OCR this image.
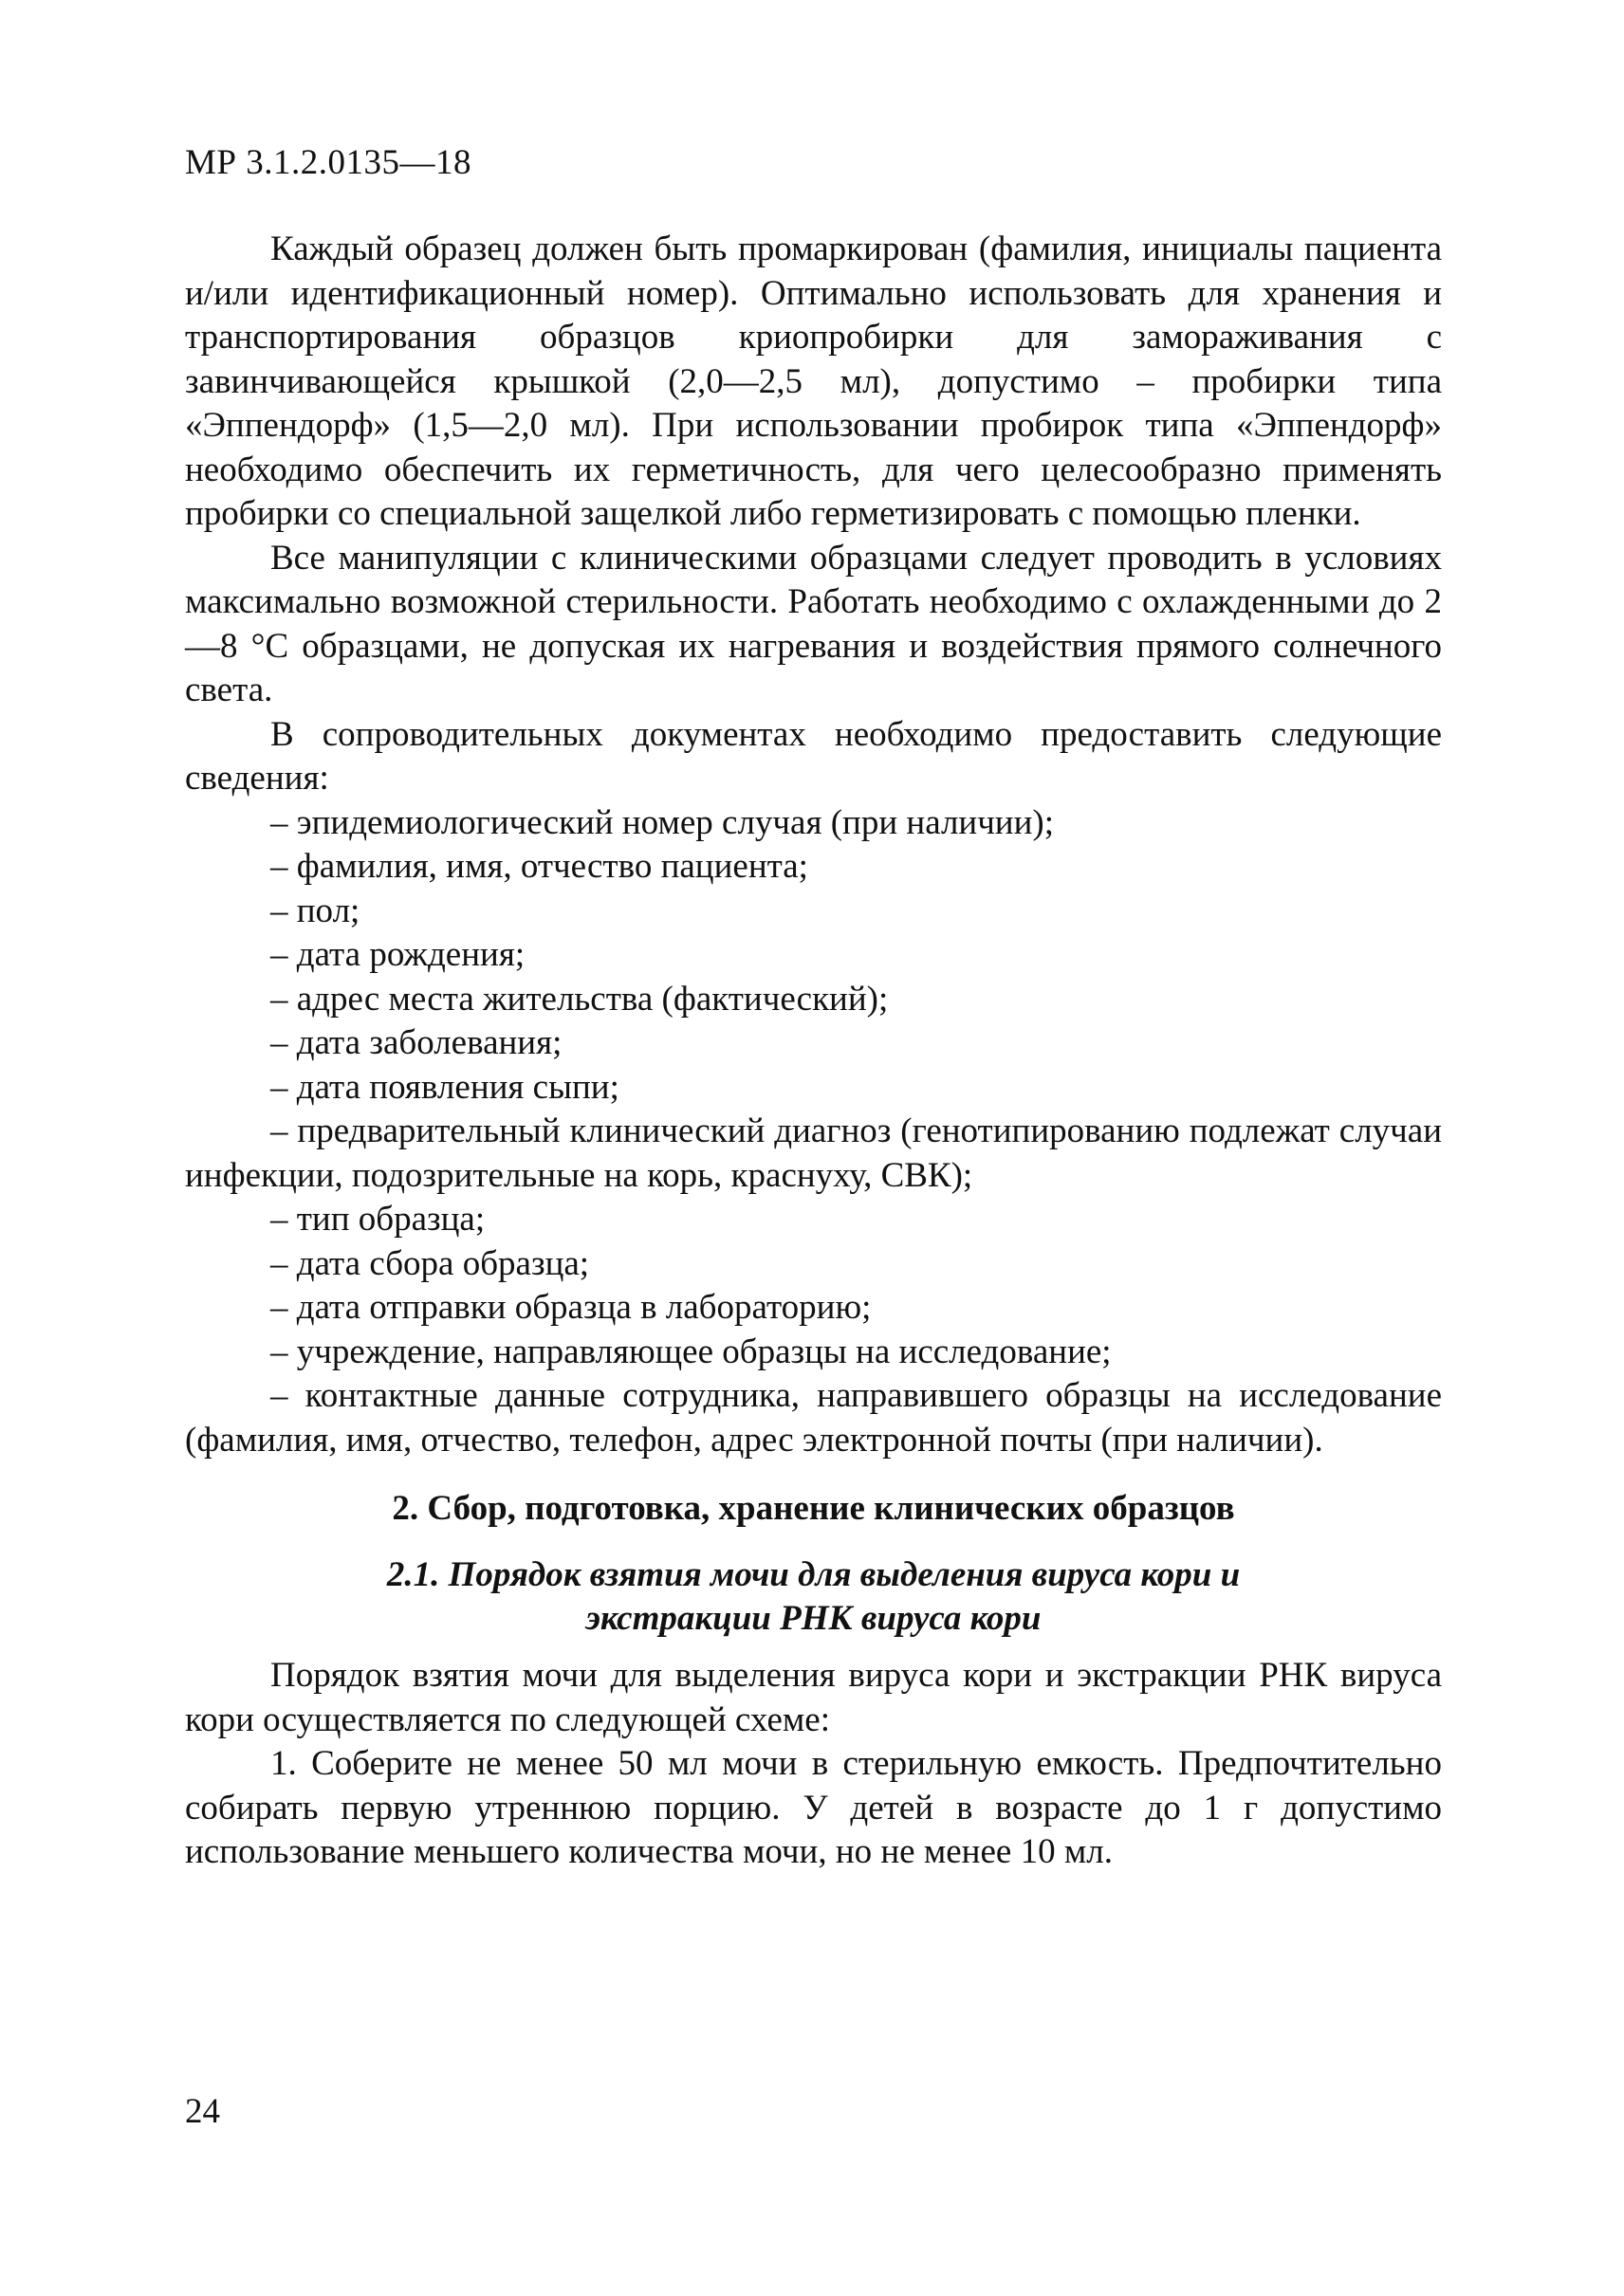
МР 3.1.2.0135—18

Каждый образец должен быть промаркирован (фамилия, инициалы пациента и/или идентификационный номер). Оптимально использовать для хранения и транспортирования образцов криопробирки для замораживания с завинчивающейся крышкой (2,0—2,5 мл), допустимо – пробирки типа «Эппендорф» (1,5—2,0 мл). При использовании пробирок типа «Эппендорф» необходимо обеспечить их герметичность, для чего целесообразно применять пробирки со специальной защелкой либо герметизировать с помощью пленки.

Все манипуляции с клиническими образцами следует проводить в условиях максимально возможной стерильности. Работать необходимо с охлажденными до 2—8 °С образцами, не допуская их нагревания и воздействия прямого солнечного света.

В сопроводительных документах необходимо предоставить следующие сведения:

– эпидемиологический номер случая (при наличии);

– фамилия, имя, отчество пациента;

– пол;

– дата рождения;

– адрес места жительства (фактический);

– дата заболевания;

– дата появления сыпи;

– предварительный клинический диагноз (генотипированию подлежат случаи инфекции, подозрительные на корь, краснуху, СВК);

– тип образца;

– дата сбора образца;

– дата отправки образца в лабораторию;

– учреждение, направляющее образцы на исследование;

– контактные данные сотрудника, направившего образцы на исследование (фамилия, имя, отчество, телефон, адрес электронной почты (при наличии).

2. Сбор, подготовка, хранение клинических образцов
2.1. Порядок взятия мочи для выделения вируса кори и
экстракции РНК вируса кори

Порядок взятия мочи для выделения вируса кори и экстракции РНК вируса кори осуществляется по следующей схеме:

1. Соберите не менее 50 мл мочи в стерильную емкость. Предпочтительно собирать первую утреннюю порцию. У детей в возрасте до 1 г допустимо использование меньшего количества мочи, но не менее 10 мл.

24
